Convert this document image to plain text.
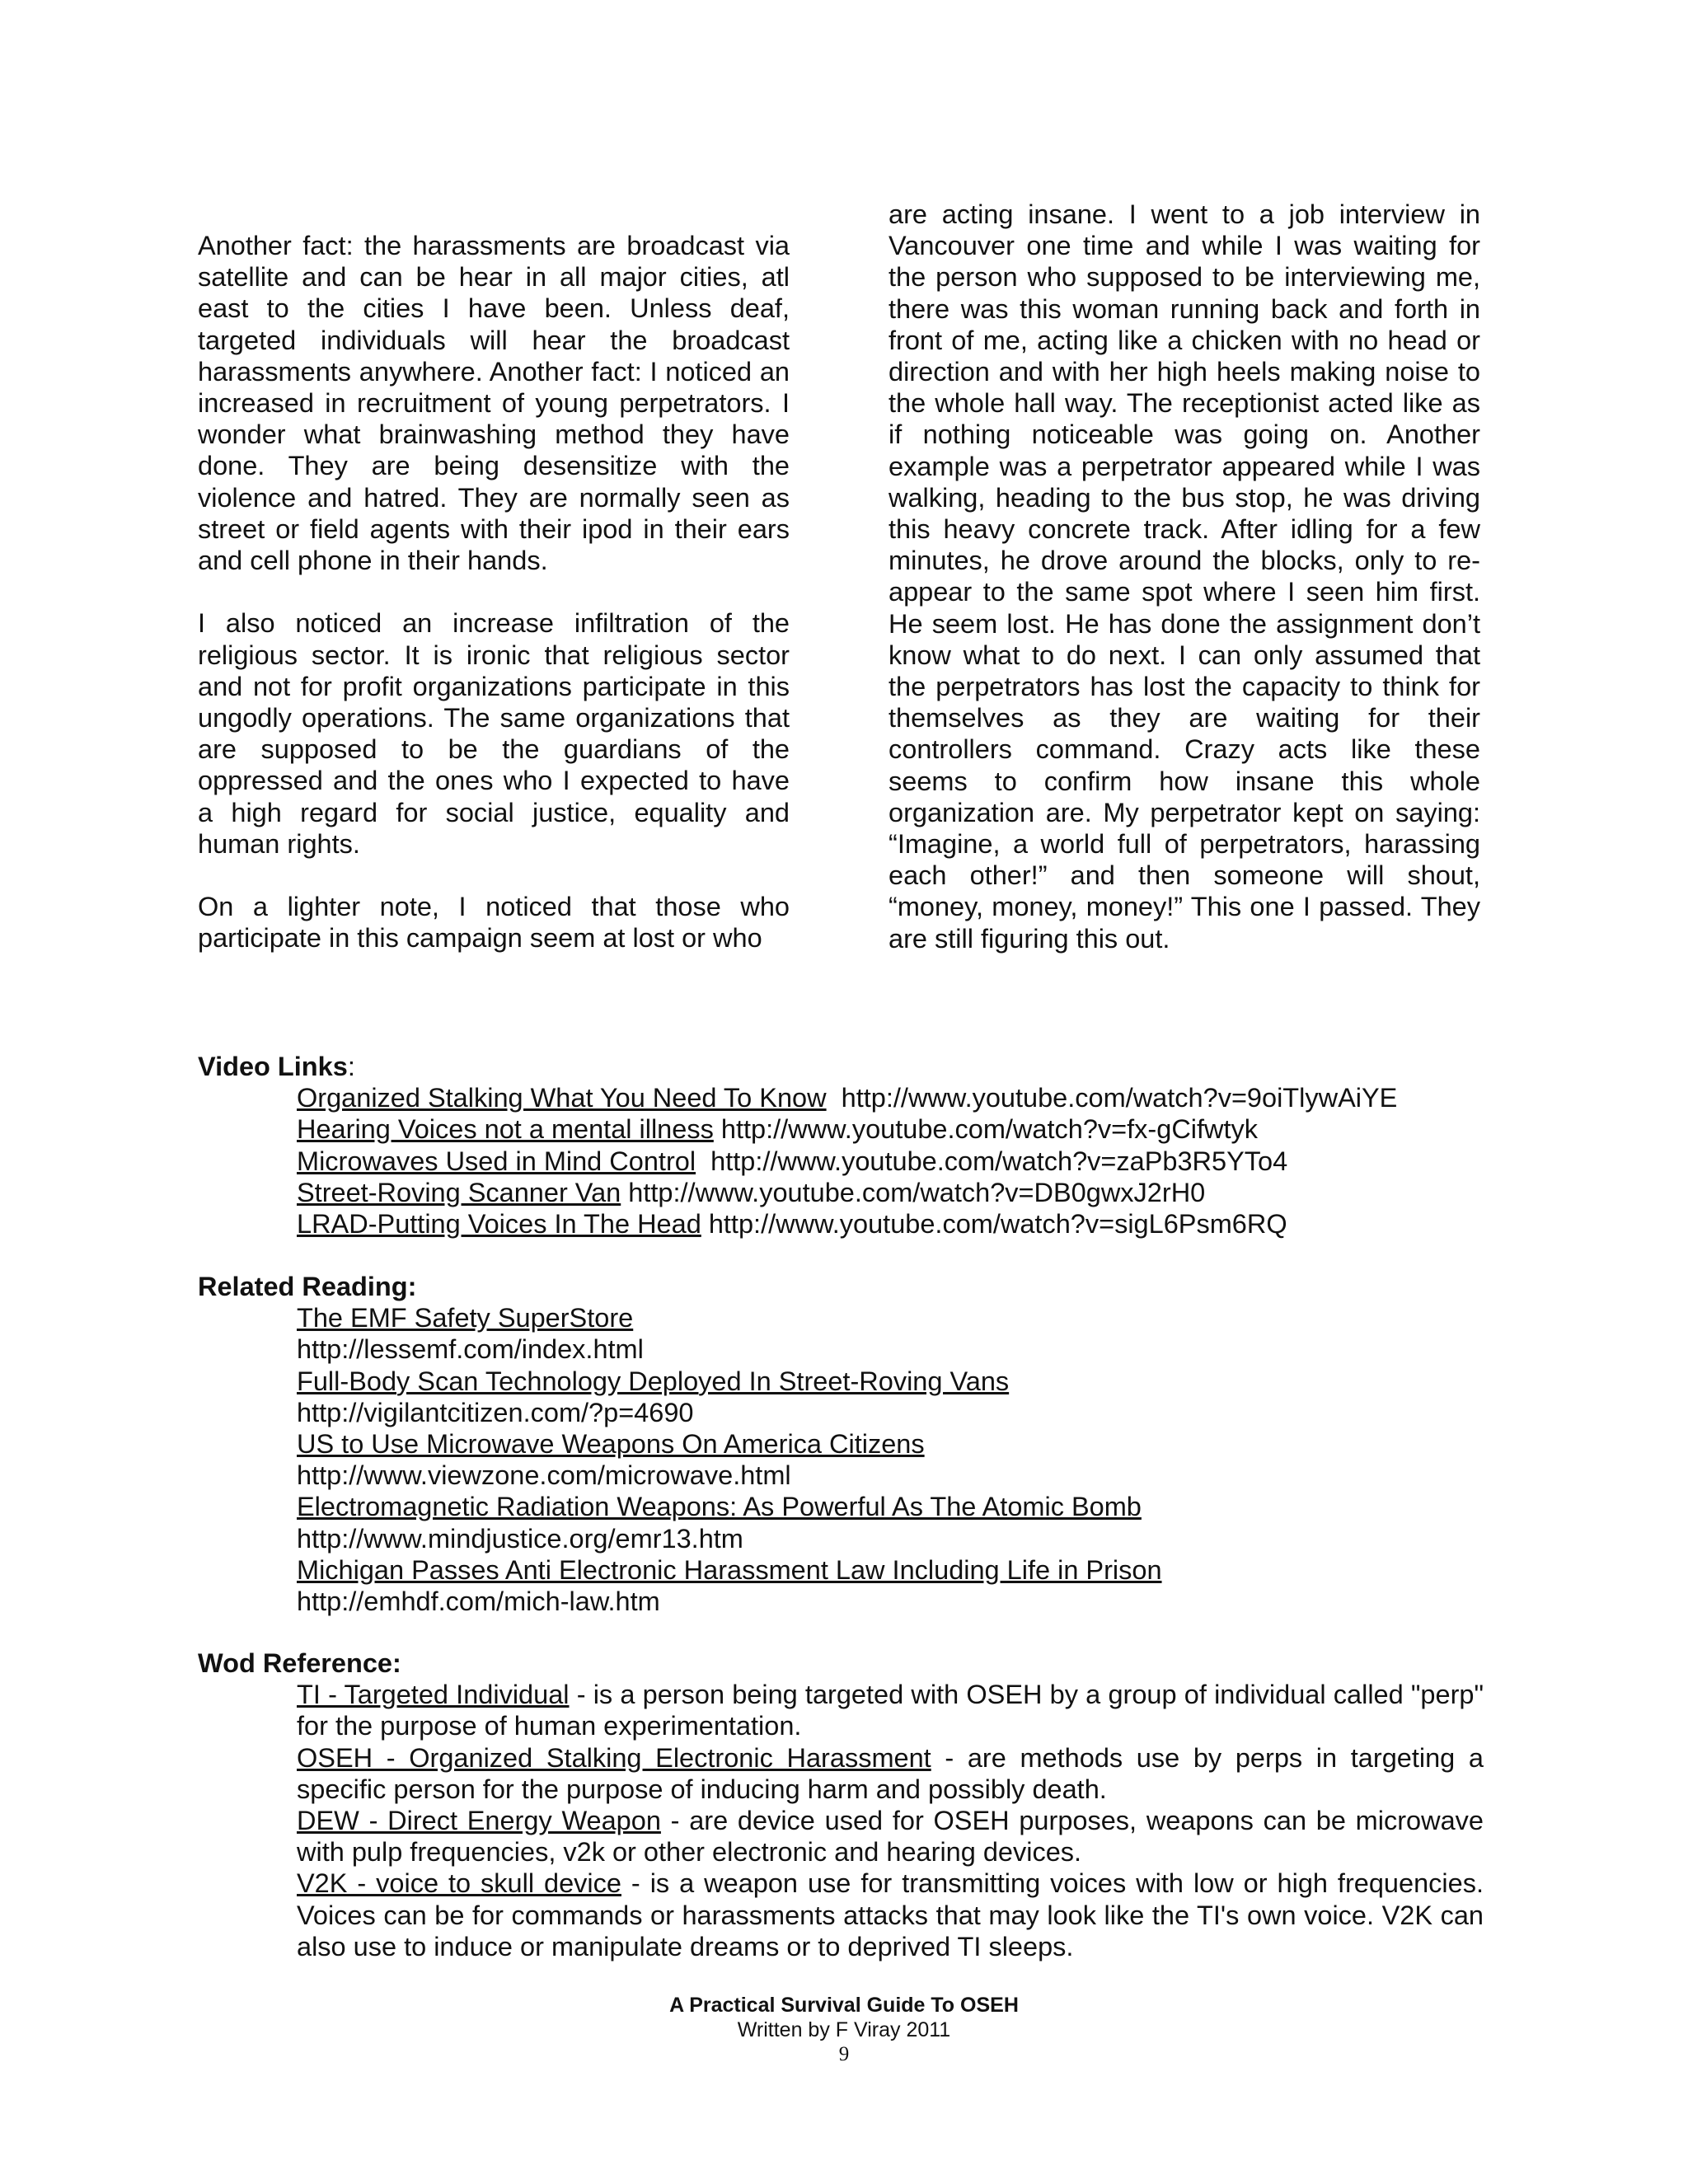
Another fact: the harassments are broadcast via satellite and can be hear in all major cities, atl east to the cities I have been. Unless deaf, targeted individuals will hear the broadcast harassments anywhere. Another fact: I noticed an increased in recruitment of young perpetrators. I wonder what brainwashing method they have done. They are being desensitize with the violence and hatred. They are normally seen as street or field agents with their ipod in their ears and cell phone in their hands.

I also noticed an increase infiltration of the religious sector. It is ironic that religious sector and not for profit organizations participate in this ungodly operations. The same organizations that are supposed to be the guardians of the oppressed and the ones who I expected to have a high regard for social justice, equality and human rights.

On a lighter note, I noticed that those who participate in this campaign seem at lost or who

are acting insane. I went to a job interview in Vancouver one time and while I was waiting for the person who supposed to be interviewing me, there was this woman running back and forth in front of me, acting like a chicken with no head or direction and with her high heels making noise to the whole hall way. The receptionist acted like as if nothing noticeable was going on. Another example was a perpetrator appeared while I was walking, heading to the bus stop, he was driving this heavy concrete track. After idling for a few minutes, he drove around the blocks, only to re-appear to the same spot where I seen him first. He seem lost. He has done the assignment don’t know what to do next. I can only assumed that the perpetrators has lost the capacity to think for themselves as they are waiting for their controllers command. Crazy acts like these seems to confirm how insane this whole organization are. My perpetrator kept on saying: “Imagine, a world full of perpetrators, harassing each other!” and then someone will shout, “money, money, money!” This one I passed. They are still figuring this out.

Video Links:
Organized Stalking What You Need To Know http://www.youtube.com/watch?v=9oiTlywAiYE
Hearing Voices not a mental illness http://www.youtube.com/watch?v=fx-gCifwtyk
Microwaves Used in Mind Control http://www.youtube.com/watch?v=zaPb3R5YTo4
Street-Roving Scanner Van http://www.youtube.com/watch?v=DB0gwxJ2rH0
LRAD-Putting Voices In The Head http://www.youtube.com/watch?v=sigL6Psm6RQ
Related Reading:
The EMF Safety SuperStore
http://lessemf.com/index.html
Full-Body Scan Technology Deployed In Street-Roving Vans
http://vigilantcitizen.com/?p=4690
US to Use Microwave Weapons On America Citizens
http://www.viewzone.com/microwave.html
Electromagnetic Radiation Weapons: As Powerful As The Atomic Bomb
http://www.mindjustice.org/emr13.htm
Michigan Passes Anti Electronic Harassment Law Including Life in Prison
http://emhdf.com/mich-law.htm
Wod Reference:
TI - Targeted Individual - is a person being targeted with OSEH by a group of individual called "perp" for the purpose of human experimentation.
OSEH - Organized Stalking Electronic Harassment - are methods use by perps in targeting a specific person for the purpose of inducing harm and possibly death.
DEW - Direct Energy Weapon - are device used for OSEH purposes, weapons can be microwave with pulp frequencies, v2k or other electronic and hearing devices.
V2K - voice to skull device - is a weapon use for transmitting voices with low or high frequencies. Voices can be for commands or harassments attacks that may look like the TI's own voice. V2K can also use to induce or manipulate dreams or to deprived TI sleeps.
A Practical Survival Guide To OSEH
Written by F Viray 2011
9
